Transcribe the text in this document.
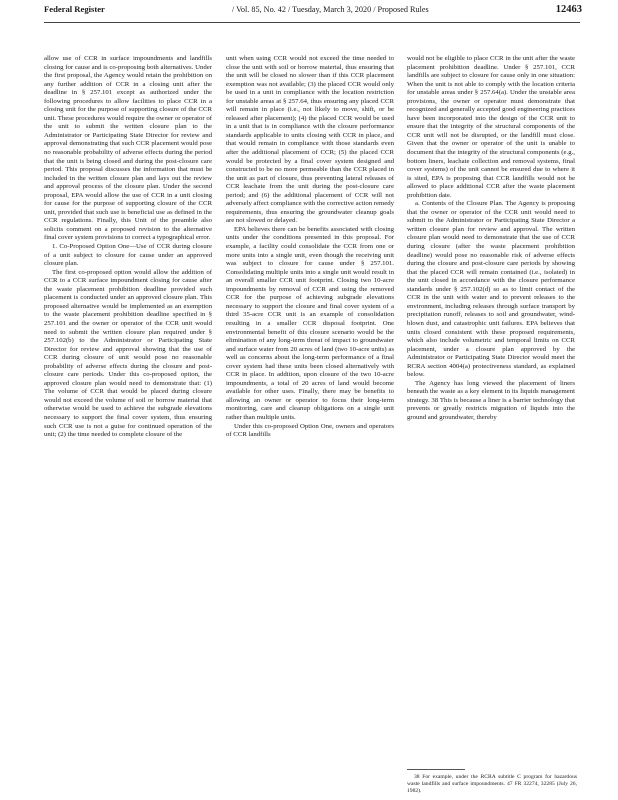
Federal Register	/ Vol. 85, No. 42 / Tuesday, March 3, 2020 / Proposed Rules	12463

allow use of CCR in surface impoundments and landfills closing for cause and is co-proposing both alternatives. Under the first proposal, the Agency would retain the prohibition on any further addition of CCR in a closing unit after the deadline in § 257.101 except as authorized under the following procedures to allow facilities to place CCR in a closing unit for the purpose of supporting closure of the CCR unit. These procedures would require the owner or operator of the unit to submit the written closure plan to the Administrator or Participating State Director for review and approval demonstrating that such CCR placement would pose no reasonable probability of adverse effects during the period that the unit is being closed and during the post-closure care period. This proposal discusses the information that must be included in the written closure plan and lays out the review and approval process of the closure plan. Under the second proposal, EPA would allow the use of CCR in a unit closing for cause for the purpose of supporting closure of the CCR unit, provided that such use is beneficial use as defined in the CCR regulations. Finally, this Unit of the preamble also solicits comment on a proposed revision to the alternative final cover system provisions to correct a typographical error.

1. Co-Proposed Option One—Use of CCR during closure of a unit subject to closure for cause under an approved closure plan.

The first co-proposed option would allow the addition of CCR to a CCR surface impoundment closing for cause after the waste placement prohibition deadline provided such placement is conducted under an approved closure plan. This proposed alternative would be implemented as an exemption to the waste placement prohibition deadline specified in § 257.101 and the owner or operator of the CCR unit would need to submit the written closure plan required under § 257.102(b) to the Administrator or Participating State Director for review and approval showing that the use of CCR during closure of unit would pose no reasonable probability of adverse effects during the closure and post-closure care periods. Under this co-proposed option, the approved closure plan would need to demonstrate that: (1) The volume of CCR that would be placed during closure would not exceed the volume of soil or borrow material that otherwise would be used to achieve the subgrade elevations necessary to support the final cover system, thus ensuring such CCR use is not a guise for continued operation of the unit; (2) the time needed to complete closure of the

unit when using CCR would not exceed the time needed to close the unit with soil or borrow material, thus ensuring that the unit will be closed no slower than if this CCR placement exemption was not available; (3) the placed CCR would only be used in a unit in compliance with the location restriction for unstable areas at § 257.64, thus ensuring any placed CCR will remain in place (i.e., not likely to move, shift, or be released after placement); (4) the placed CCR would be used in a unit that is in compliance with the closure performance standards applicable to units closing with CCR in place, and that would remain in compliance with those standards even after the additional placement of CCR; (5) the placed CCR would be protected by a final cover system designed and constructed to be no more permeable than the CCR placed in the unit as part of closure, thus preventing lateral releases of CCR leachate from the unit during the post-closure care period; and (6) the additional placement of CCR will not adversely affect compliance with the corrective action remedy requirements, thus ensuring the groundwater cleanup goals are not slowed or delayed.

EPA believes there can be benefits associated with closing units under the conditions presented in this proposal. For example, a facility could consolidate the CCR from one or more units into a single unit, even though the receiving unit was subject to closure for cause under § 257.101. Consolidating multiple units into a single unit would result in an overall smaller CCR unit footprint. Closing two 10-acre impoundments by removal of CCR and using the removed CCR for the purpose of achieving subgrade elevations necessary to support the closure and final cover system of a third 35-acre CCR unit is an example of consolidation resulting in a smaller CCR disposal footprint. One environmental benefit of this closure scenario would be the elimination of any long-term threat of impact to groundwater and surface water from 20 acres of land (two 10-acre units) as well as concerns about the long-term performance of a final cover system had these units been closed alternatively with CCR in place. In addition, upon closure of the two 10-acre impoundments, a total of 20 acres of land would become available for other uses. Finally, there may be benefits to allowing an owner or operator to focus their long-term monitoring, care and cleanup obligations on a single unit rather than multiple units.

Under this co-proposed Option One, owners and operators of CCR landfills

would not be eligible to place CCR in the unit after the waste placement prohibition deadline. Under § 257.101, CCR landfills are subject to closure for cause only in one situation: When the unit is not able to comply with the location criteria for unstable areas under § 257.64(a). Under the unstable area provisions, the owner or operator must demonstrate that recognized and generally accepted good engineering practices have been incorporated into the design of the CCR unit to ensure that the integrity of the structural components of the CCR unit will not be disrupted, or the landfill must close. Given that the owner or operator of the unit is unable to document that the integrity of the structural components (e.g., bottom liners, leachate collection and removal systems, final cover systems) of the unit cannot be ensured due to where it is sited, EPA is proposing that CCR landfills would not be allowed to place additional CCR after the waste placement prohibition date.

a. Contents of the Closure Plan. The Agency is proposing that the owner or operator of the CCR unit would need to submit to the Administrator or Participating State Director a written closure plan for review and approval. The written closure plan would need to demonstrate that the use of CCR during closure (after the waste placement prohibition deadline) would pose no reasonable risk of adverse effects during the closure and post-closure care periods by showing that the placed CCR will remain contained (i.e., isolated) in the unit closed in accordance with the closure performance standards under § 257.102(d) so as to limit contact of the CCR in the unit with water and to prevent releases to the environment, including releases through surface transport by precipitation runoff, releases to soil and groundwater, wind-blown dust, and catastrophic unit failures. EPA believes that units closed consistent with these proposed requirements, which also include volumetric and temporal limits on CCR placement, under a closure plan approved by the Administrator or Participating State Director would meet the RCRA section 4004(a) protectiveness standard, as explained below.

The Agency has long viewed the placement of liners beneath the waste as a key element in its liquids management strategy. 38 This is because a liner is a barrier technology that prevents or greatly restricts migration of liquids into the ground and groundwater, thereby

38 For example, under the RCRA subtitle C program for hazardous waste landfills and surface impoundments. 47 FR 32274, 32285 (July 26, 1982).
